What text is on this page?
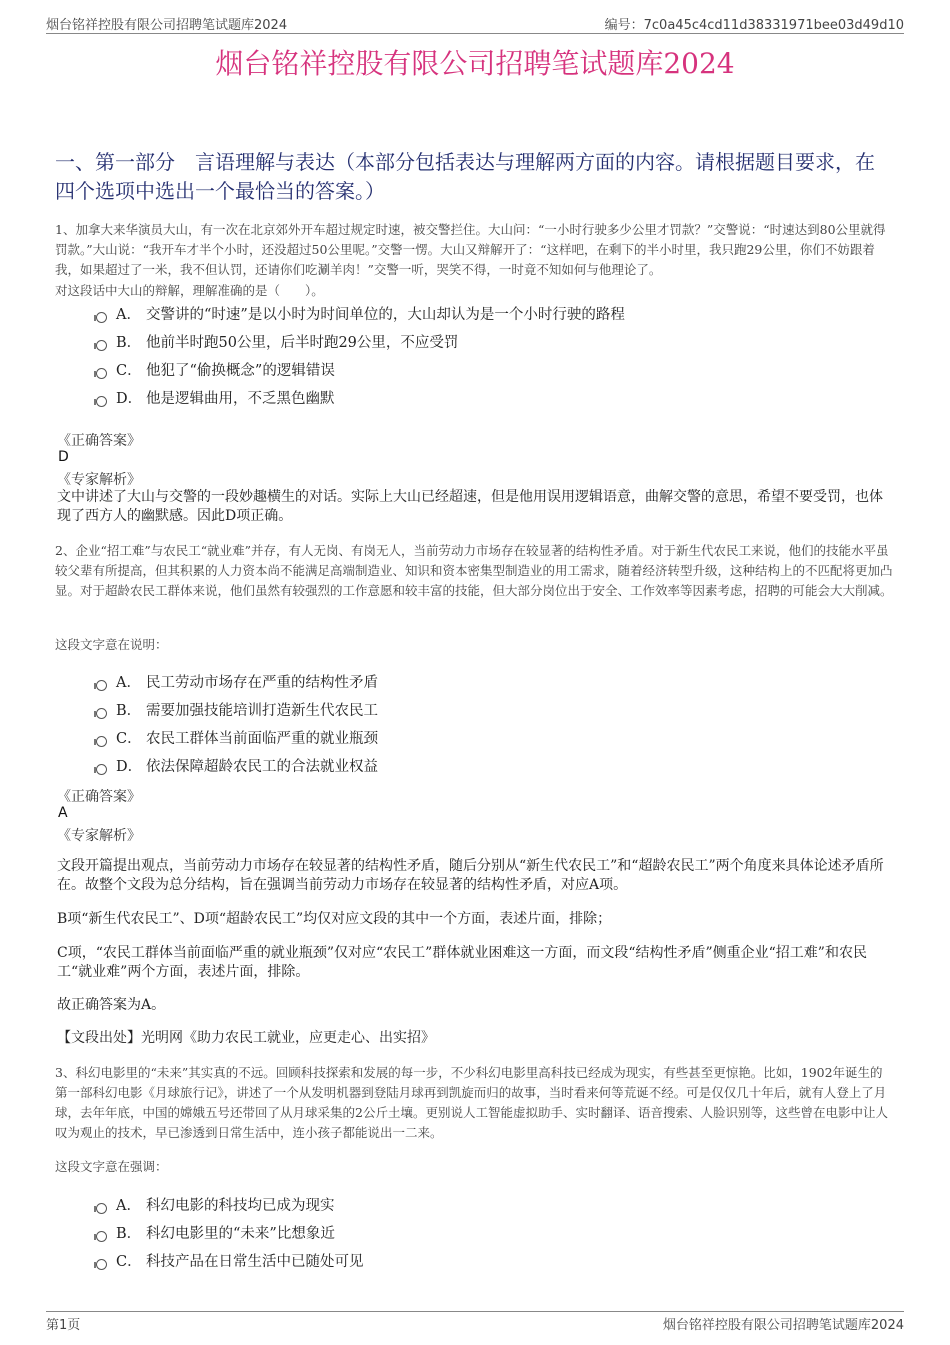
烟台铭祥控股有限公司招聘笔试题库2024	编号：7c0a45c4cd11d38331971bee03d49d10
烟台铭祥控股有限公司招聘笔试题库2024
一、第一部分　言语理解与表达（本部分包括表达与理解两方面的内容。请根据题目要求，在四个选项中选出一个最恰当的答案。）
1、加拿大来华演员大山，有一次在北京郊外开车超过规定时速，被交警拦住。大山问：“一小时行驶多少公里才罚款？”交警说：“时速达到80公里就得罚款。”大山说：“我开车才半个小时，还没超过50公里呢。”交警一愣。大山又辩解开了：“这样吧，在剩下的半小时里，我只跑29公里，你们不妨跟着我，如果超过了一米，我不但认罚，还请你们吃涮羊肉！”交警一听，哭笑不得，一时竟不知如何与他理论了。
对这段话中大山的辩解，理解准确的是（　　）。
A． 交警讲的“时速”是以小时为时间单位的，大山却认为是一个小时行驶的路程
B． 他前半时跑50公里，后半时跑29公里，不应受罚
C． 他犯了“偷换概念”的逻辑错误
D． 他是逻辑曲用，不乏黑色幽默
《正确答案》
D
《专家解析》
文中讲述了大山与交警的一段妙趣横生的对话。实际上大山已经超速，但是他用误用逻辑语意，曲解交警的意思，希望不要受罚，也体现了西方人的幽默感。因此D项正确。
2、企业“招工难”与农民工“就业难”并存，有人无岗、有岗无人，当前劳动力市场存在较显著的结构性矛盾。对于新生代农民工来说，他们的技能水平虽较父辈有所提高，但其积累的人力资本尚不能满足高端制造业、知识和资本密集型制造业的用工需求，随着经济转型升级，这种结构上的不匹配将更加凸显。对于超龄农民工群体来说，他们虽然有较强烈的工作意愿和较丰富的技能，但大部分岗位出于安全、工作效率等因素考虑，招聘的可能会大大削减。
这段文字意在说明：
A． 民工劳动市场存在严重的结构性矛盾
B． 需要加强技能培训打造新生代农民工
C． 农民工群体当前面临严重的就业瓶颈
D． 依法保障超龄农民工的合法就业权益
《正确答案》
A
《专家解析》
文段开篇提出观点，当前劳动力市场存在较显著的结构性矛盾，随后分别从“新生代农民工”和“超龄农民工”两个角度来具体论述矛盾所在。故整个文段为总分结构，旨在强调当前劳动力市场存在较显著的结构性矛盾，对应A项。
B项“新生代农民工”、D项“超龄农民工”均仅对应文段的其中一个方面，表述片面，排除；
C项，“农民工群体当前面临严重的就业瓶颈”仅对应“农民工”群体就业困难这一方面，而文段“结构性矛盾”侧重企业“招工难”和农民工“就业难”两个方面，表述片面，排除。
故正确答案为A。
【文段出处】光明网《助力农民工就业，应更走心、出实招》
3、科幻电影里的“未来”其实真的不远。回顾科技探索和发展的每一步，不少科幻电影里高科技已经成为现实，有些甚至更惊艳。比如，1902年诞生的第一部科幻电影《月球旅行记》，讲述了一个从发明机器到登陆月球再到凯旋而归的故事，当时看来何等荒诞不经。可是仅仅几十年后，就有人登上了月球，去年年底，中国的嫦娥五号还带回了从月球采集的2公斤土壤。更别说人工智能虚拟助手、实时翻译、语音搜索、人脸识别等，这些曾在电影中让人叹为观止的技术，早已渗透到日常生活中，连小孩子都能说出一二来。
这段文字意在强调：
A． 科幻电影的科技均已成为现实
B． 科幻电影里的“未来”比想象近
C． 科技产品在日常生活中已随处可见
第1页	烟台铭祥控股有限公司招聘笔试题库2024
